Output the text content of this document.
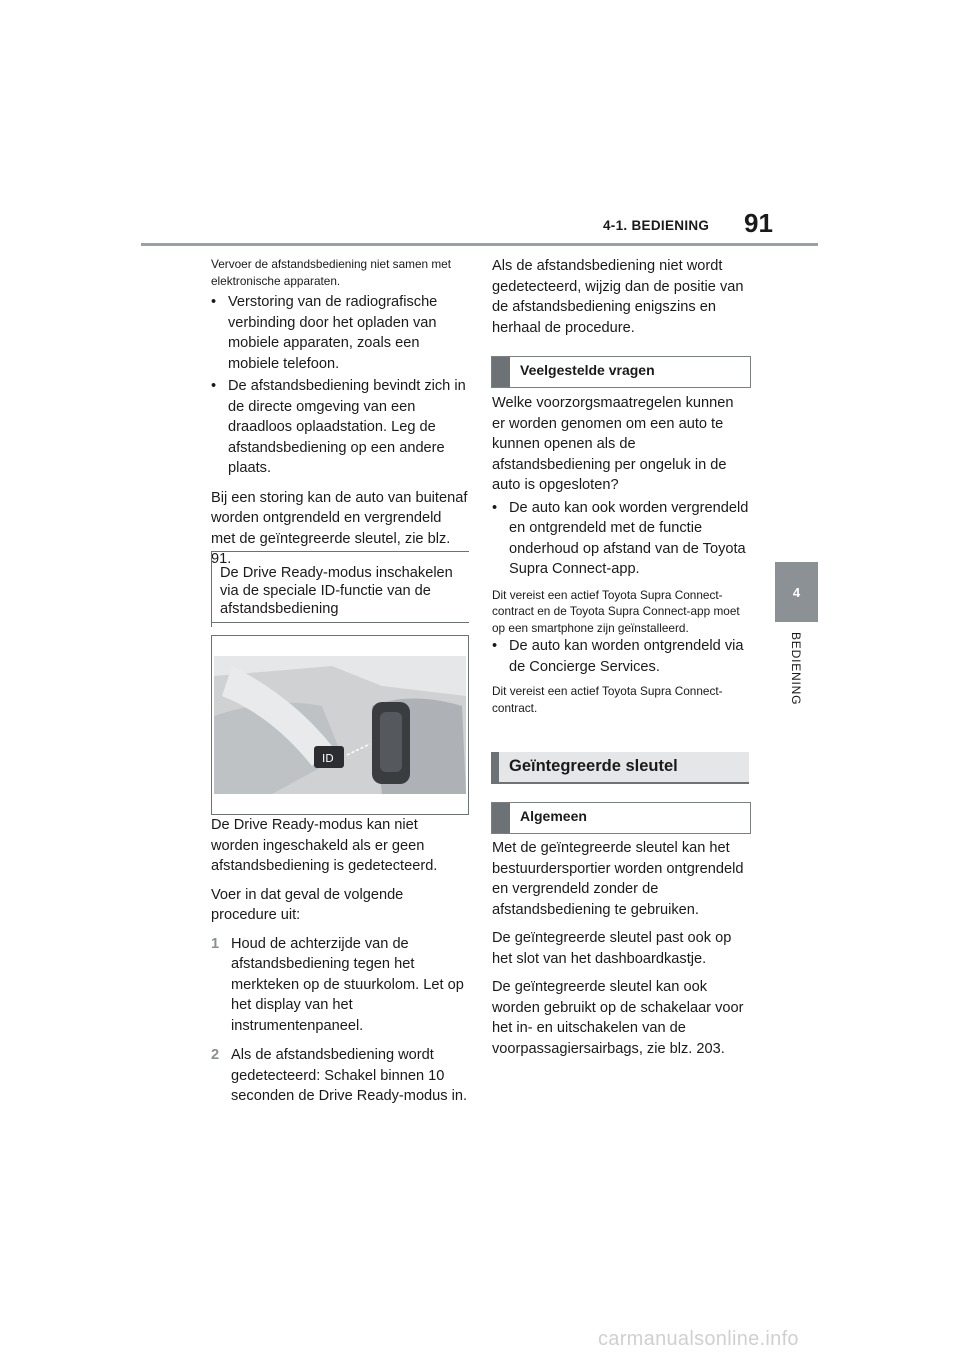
4-1. BEDIENING 91
4
BEDIENING

Vervoer de afstandsbediening niet samen met elektronische apparaten.

• Verstoring van de radiografische verbinding door het opladen van mobiele apparaten, zoals een mobiele telefoon.
• De afstandsbediening bevindt zich in de directe omgeving van een draadloos oplaadstation. Leg de afstandsbediening op een andere plaats.

Bij een storing kan de auto van buitenaf worden ontgrendeld en vergrendeld met de geïntegreerde sleutel, zie blz. 91.

De Drive Ready-modus inschakelen via de speciale ID-functie van de afstandsbediening
ID

De Drive Ready-modus kan niet worden ingeschakeld als er geen afstandsbediening is gedetecteerd.

Voer in dat geval de volgende procedure uit:

1 Houd de achterzijde van de afstandsbediening tegen het merkteken op de stuurkolom. Let op het display van het instrumentenpaneel.
2 Als de afstandsbediening wordt gedetecteerd: Schakel binnen 10 seconden de Drive Ready-modus in.

Als de afstandsbediening niet wordt gedetecteerd, wijzig dan de positie van de afstandsbediening enigszins en herhaal de procedure.

Veelgestelde vragen

Welke voorzorgsmaatregelen kunnen er worden genomen om een auto te kunnen openen als de afstandsbediening per ongeluk in de auto is opgesloten?

• De auto kan ook worden vergrendeld en ontgrendeld met de functie onderhoud op afstand van de Toyota Supra Connect-app.

Dit vereist een actief Toyota Supra Connect-contract en de Toyota Supra Connect-app moet op een smartphone zijn geïnstalleerd.

• De auto kan worden ontgrendeld via de Concierge Services.

Dit vereist een actief Toyota Supra Connect-contract.

Geïntegreerde sleutel
Algemeen

Met de geïntegreerde sleutel kan het bestuurdersportier worden ontgrendeld en vergrendeld zonder de afstandsbediening te gebruiken.

De geïntegreerde sleutel past ook op het slot van het dashboardkastje.

De geïntegreerde sleutel kan ook worden gebruikt op de schakelaar voor het in- en uitschakelen van de voorpassagiersairbags, zie blz. 203.

carmanualsonline.info
